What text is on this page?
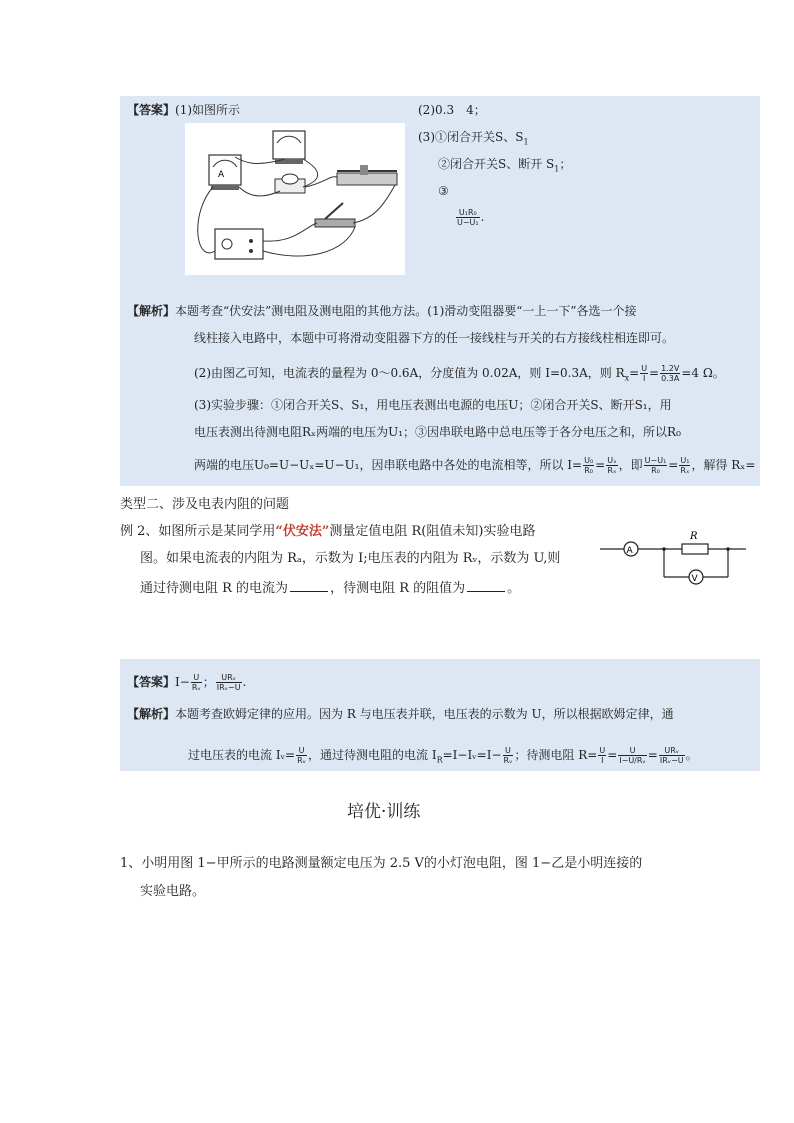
【答案】(1)如图所示
A
(2)0.3　4；
(3)①闭合开关S、$S_1$
②闭合开关S、断开 $S_1$；
③
$\frac{\text{U₁R₀}}{\text{U−U₁}}$ .
【解析】本题考查“伏安法”测电阻及测电阻的其他方法。(1)滑动变阻器要“一上一下”各选一个接
线柱接入电路中，本题中可将滑动变阻器下方的任一接线柱与开关的右方接线柱相连即可。
(2)由图乙可知，电流表的量程为 0～0.6A，分度值为 0.02A，则 I=0.3A，则 $R_x= \frac{U}{I} = \frac{1.2V}{0.3A} =4$ Ω。
(3)实验步骤：①闭合开关S、S₁，用电压表测出电源的电压U；②闭合开关S、断开S₁，用
电压表测出待测电阻Rₓ两端的电压为U₁；③因串联电路中总电压等于各分电压之和，所以R₀
两端的电压U₀=U−Uₓ=U−U₁，因串联电路中各处的电流相等，所以 $I= \frac{\text{U₀}}{\text{R₀}} = \frac{\text{Uₓ}}{\text{Rₓ}}$ ，即 $\frac{\text{U−U₁}}{\text{R₀}} = \frac{\text{U₁}}{\text{Rₓ}}$ ，解得 Rₓ=
类型二、涉及电表内阻的问题
例 2、如图所示是某同学用“伏安法”测量定值电阻 R(阻值未知)实验电路
图。如果电流表的内阻为 Rₐ，示数为 I;电压表的内阻为 Rᵥ，示数为 U,则
通过待测电阻 R 的电流为	，待测电阻 R 的阻值为	。
A
R
V
【答案】$I- \frac{U}{\text{Rᵥ}}$ ； $\frac{\text{URᵥ}}{\text{IRᵥ−U}}$ .
【解析】本题考查欧姆定律的应用。因为 R 与电压表并联，电压表的示数为 U，所以根据欧姆定律，通
过电压表的电流 Iᵥ= $\frac{U}{\text{Rᵥ}}$ ，通过待测电阻的电流 $I_R=I-Iᵥ=I- \frac{U}{\text{Rᵥ}}$ ；待测电阻 $R= \frac{U}{I} = \frac{U}{\text{I−U/Rᵥ}} = \frac{\text{URᵥ}}{\text{IRᵥ−U}}$ 。
培优·训练
1、小明用图 1−甲所示的电路测量额定电压为 2.5 V的小灯泡电阻，图 1−乙是小明连接的
实验电路。
